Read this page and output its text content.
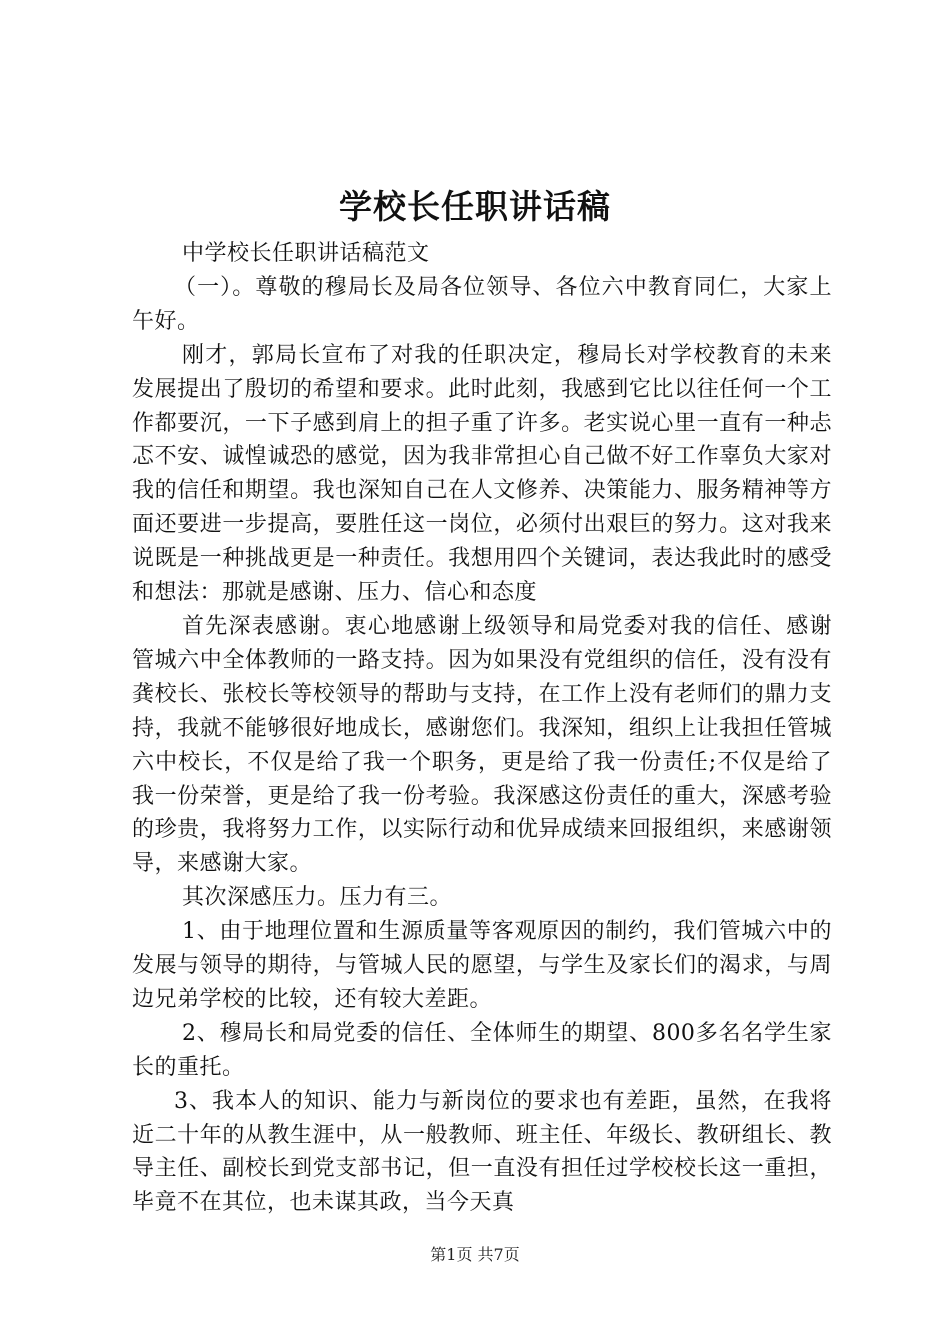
学校长任职讲话稿

中学校长任职讲话稿范文

（一）。尊敬的穆局长及局各位领导、各位六中教育同仁，大家上午好。

刚才，郭局长宣布了对我的任职决定，穆局长对学校教育的未来发展提出了殷切的希望和要求。此时此刻，我感到它比以往任何一个工作都要沉，一下子感到肩上的担子重了许多。老实说心里一直有一种忐忑不安、诚惶诚恐的感觉，因为我非常担心自己做不好工作辜负大家对我的信任和期望。我也深知自己在人文修养、决策能力、服务精神等方面还要进一步提高，要胜任这一岗位，必须付出艰巨的努力。这对我来说既是一种挑战更是一种责任。我想用四个关键词，表达我此时的感受和想法：那就是感谢、压力、信心和态度

首先深表感谢。衷心地感谢上级领导和局党委对我的信任、感谢管城六中全体教师的一路支持。因为如果没有党组织的信任，没有没有龚校长、张校长等校领导的帮助与支持，在工作上没有老师们的鼎力支持，我就不能够很好地成长，感谢您们。我深知，组织上让我担任管城六中校长，不仅是给了我一个职务，更是给了我一份责任;不仅是给了我一份荣誉，更是给了我一份考验。我深感这份责任的重大，深感考验的珍贵，我将努力工作，以实际行动和优异成绩来回报组织，来感谢领导，来感谢大家。

其次深感压力。压力有三。

1、由于地理位置和生源质量等客观原因的制约，我们管城六中的发展与领导的期待，与管城人民的愿望，与学生及家长们的渴求，与周边兄弟学校的比较，还有较大差距。

2、穆局长和局党委的信任、全体师生的期望、800多名名学生家长的重托。

3、我本人的知识、能力与新岗位的要求也有差距，虽然，在我将近二十年的从教生涯中，从一般教师、班主任、年级长、教研组长、教导主任、副校长到党支部书记，但一直没有担任过学校校长这一重担，毕竟不在其位，也未谋其政，当今天真

第1页 共7页
